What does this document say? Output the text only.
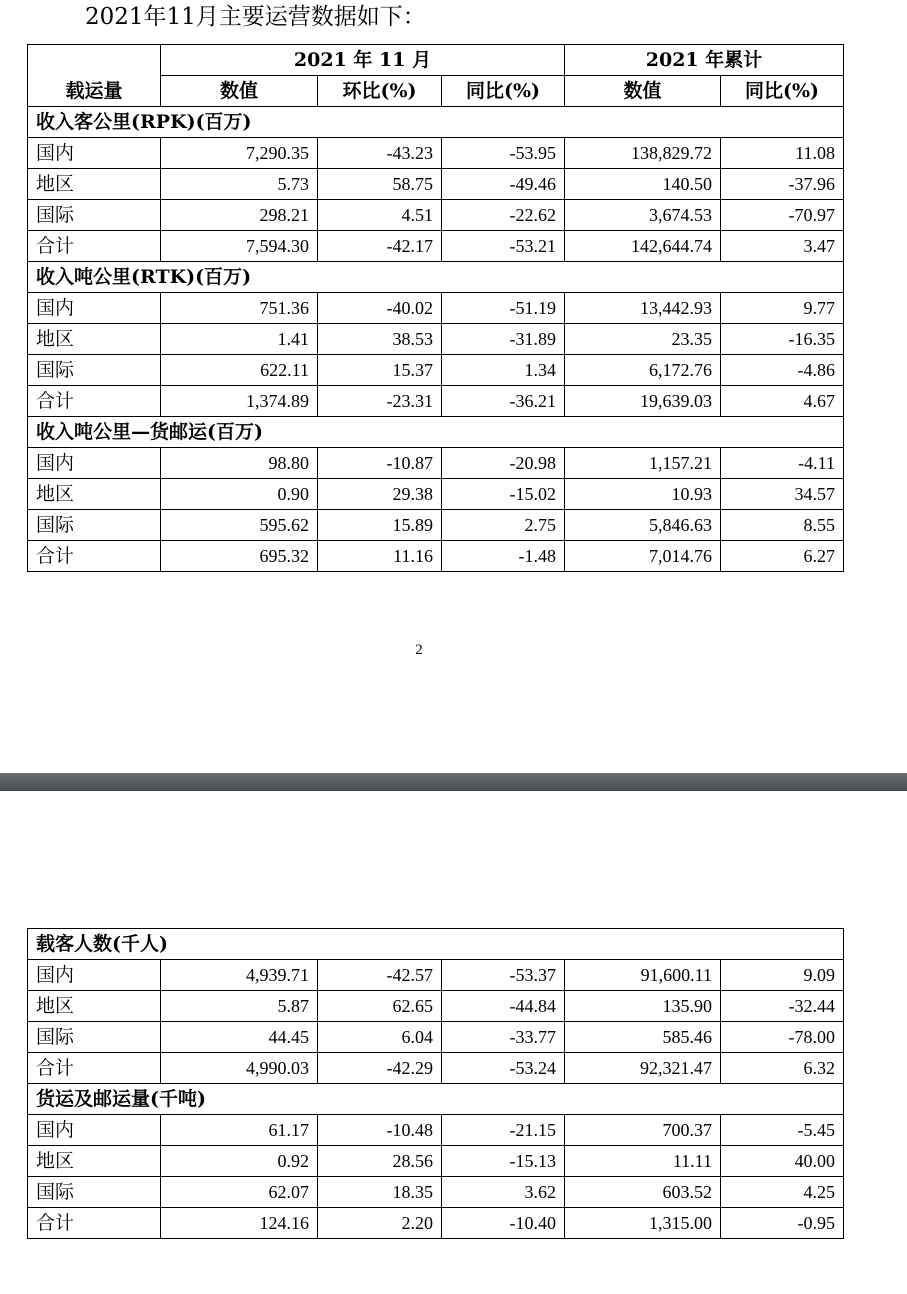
2021年11月主要运营数据如下：
载运量	2021 年 11 月			2021 年累计	
	数值	环比(%)	同比(%)	数值	同比(%)
收入客公里(RPK)(百万)					
国内	7,290.35	-43.23	-53.95	138,829.72	11.08
地区	5.73	58.75	-49.46	140.50	-37.96
国际	298.21	4.51	-22.62	3,674.53	-70.97
合计	7,594.30	-42.17	-53.21	142,644.74	3.47
收入吨公里(RTK)(百万)					
国内	751.36	-40.02	-51.19	13,442.93	9.77
地区	1.41	38.53	-31.89	23.35	-16.35
国际	622.11	15.37	1.34	6,172.76	-4.86
合计	1,374.89	-23.31	-36.21	19,639.03	4.67
收入吨公里—货邮运(百万)					
国内	98.80	-10.87	-20.98	1,157.21	-4.11
地区	0.90	29.38	-15.02	10.93	34.57
国际	595.62	15.89	2.75	5,846.63	8.55
合计	695.32	11.16	-1.48	7,014.76	6.27
2
载客人数(千人)					
国内	4,939.71	-42.57	-53.37	91,600.11	9.09
地区	5.87	62.65	-44.84	135.90	-32.44
国际	44.45	6.04	-33.77	585.46	-78.00
合计	4,990.03	-42.29	-53.24	92,321.47	6.32
货运及邮运量(千吨)					
国内	61.17	-10.48	-21.15	700.37	-5.45
地区	0.92	28.56	-15.13	11.11	40.00
国际	62.07	18.35	3.62	603.52	4.25
合计	124.16	2.20	-10.40	1,315.00	-0.95
